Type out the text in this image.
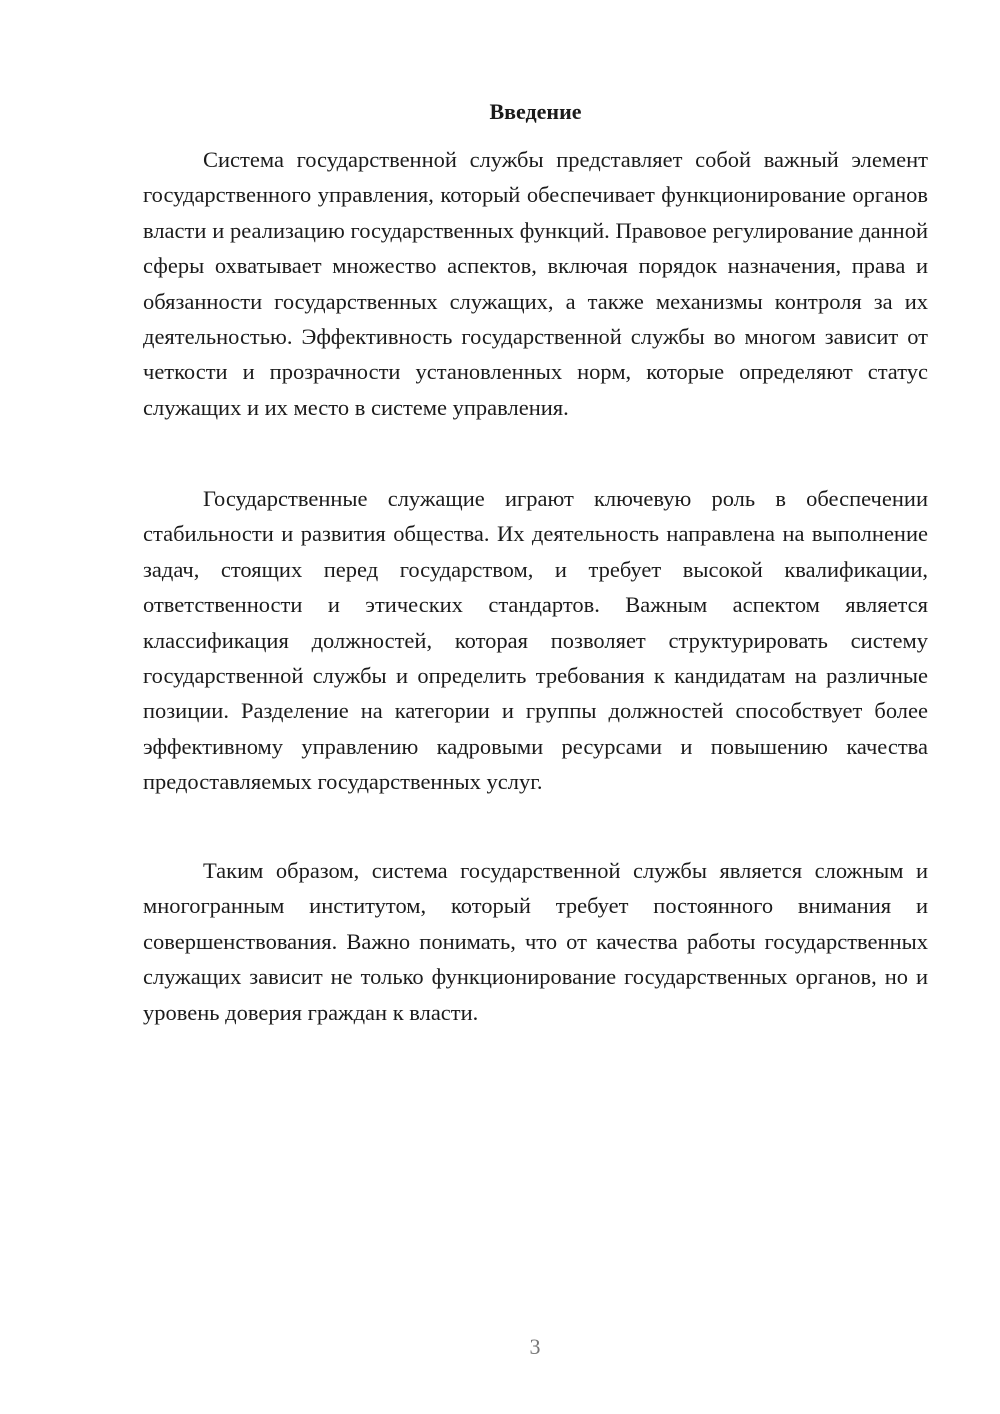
Введение

Система государственной службы представляет собой важный элемент государственного управления, который обеспечивает функционирование органов власти и реализацию государственных функций. Правовое регулирование данной сферы охватывает множество аспектов, включая порядок назначения, права и обязанности государственных служащих, а также механизмы контроля за их деятельностью. Эффективность государственной службы во многом зависит от четкости и прозрачности установленных норм, которые определяют статус служащих и их место в системе управления.

Государственные служащие играют ключевую роль в обеспечении стабильности и развития общества. Их деятельность направлена на выполнение задач, стоящих перед государством, и требует высокой квалификации, ответственности и этических стандартов. Важным аспектом является классификация должностей, которая позволяет структурировать систему государственной службы и определить требования к кандидатам на различные позиции. Разделение на категории и группы должностей способствует более эффективному управлению кадровыми ресурсами и повышению качества предоставляемых государственных услуг.

Таким образом, система государственной службы является сложным и многогранным институтом, который требует постоянного внимания и совершенствования. Важно понимать, что от качества работы государственных служащих зависит не только функционирование государственных органов, но и уровень доверия граждан к власти.

3
